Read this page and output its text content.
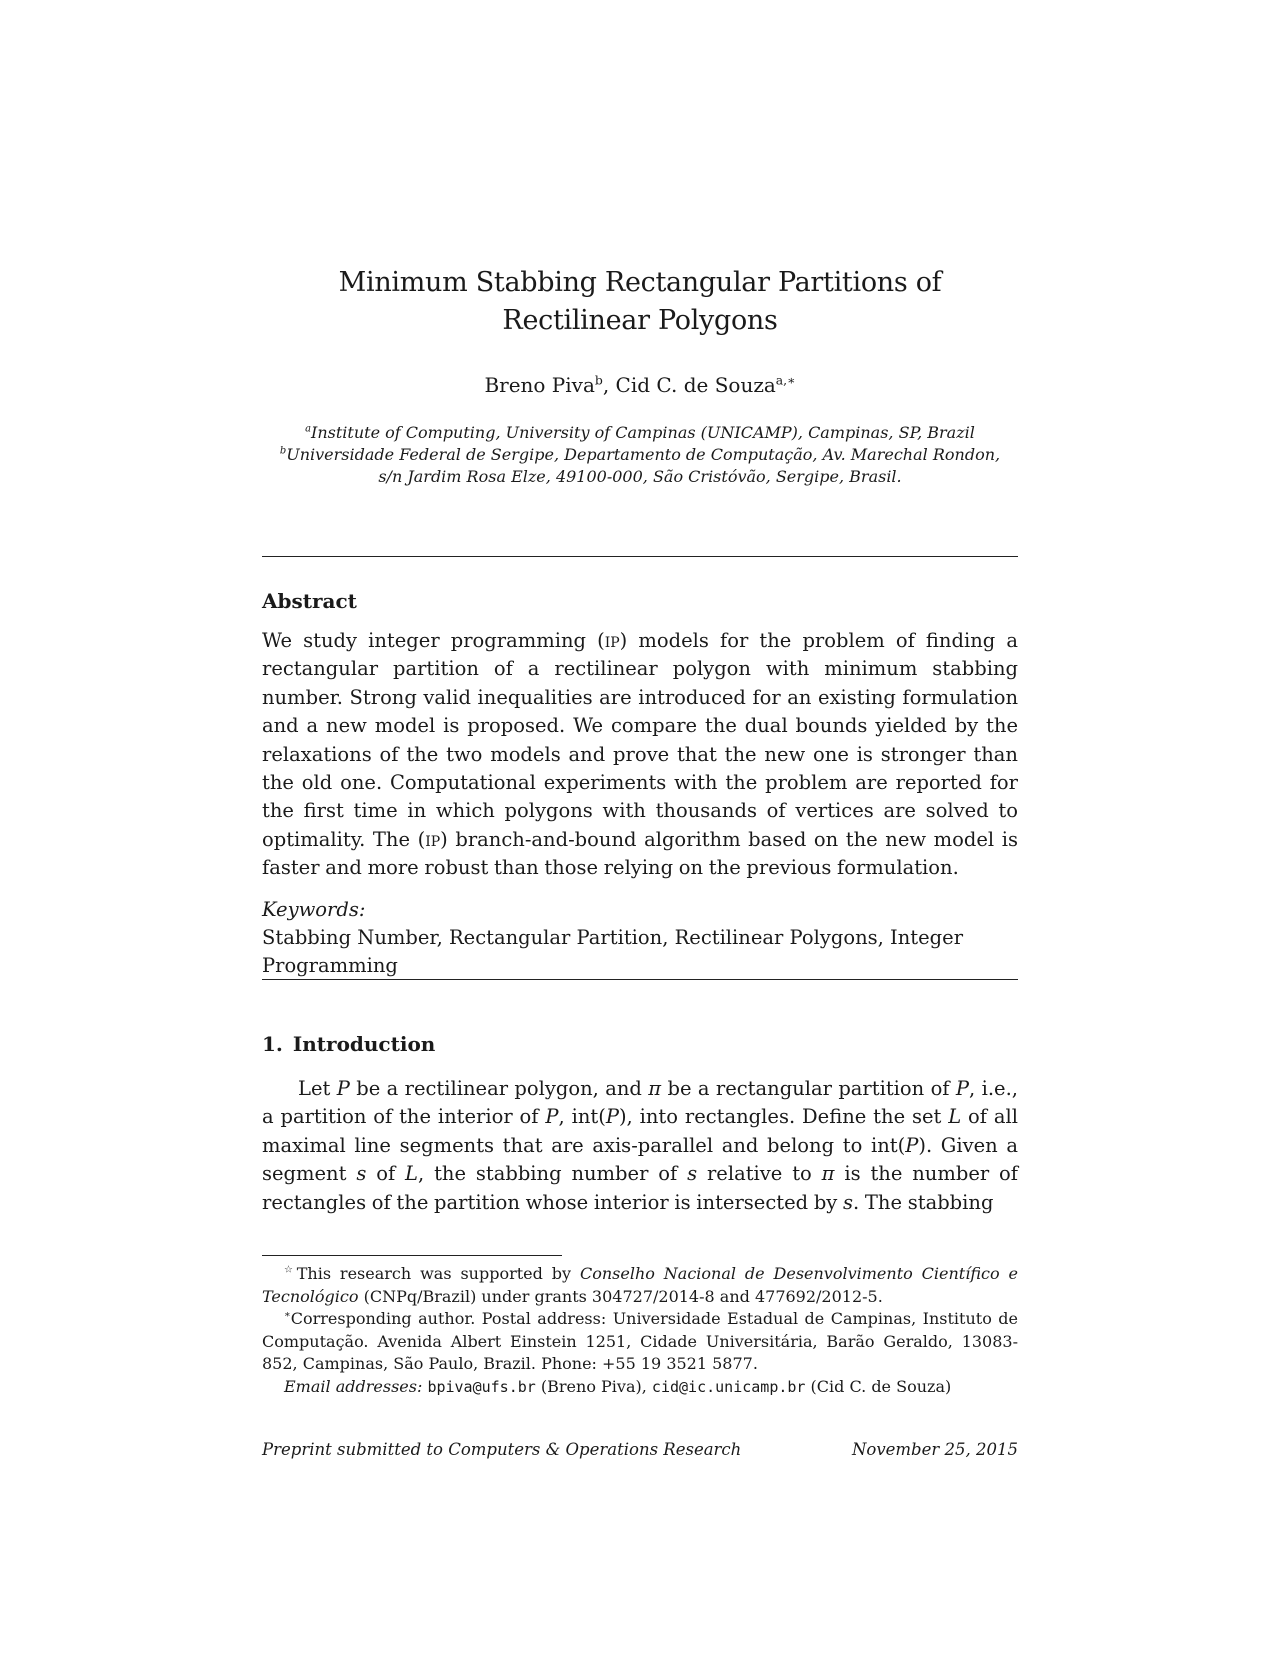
Minimum Stabbing Rectangular Partitions of
Rectilinear Polygons
Breno Piva$^b$, Cid C. de Souza$^{a,∗}$
$^a$Institute of Computing, University of Campinas (UNICAMP), Campinas, SP, Brazil
$^b$Universidade Federal de Sergipe, Departamento de Computação, Av. Marechal Rondon,
s/n Jardim Rosa Elze, 49100-000, São Cristóvão, Sergipe, Brasil.
Abstract
We study integer programming (ip) models for the problem of finding a rectangular partition of a rectilinear polygon with minimum stabbing number. Strong valid inequalities are introduced for an existing formulation and a new model is proposed. We compare the dual bounds yielded by the relaxations of the two models and prove that the new one is stronger than the old one. Computational experiments with the problem are reported for the first time in which polygons with thousands of vertices are solved to optimality. The (ip) branch-and-bound algorithm based on the new model is faster and more robust than those relying on the previous formulation.
Keywords:
Stabbing Number, Rectangular Partition, Rectilinear Polygons, Integer Programming
1. Introduction
Let P be a rectilinear polygon, and π be a rectangular partition of P, i.e., a partition of the interior of P, int(P), into rectangles. Define the set L of all maximal line segments that are axis-parallel and belong to int(P). Given a segment s of L, the stabbing number of s relative to π is the number of rectangles of the partition whose interior is intersected by s. The stabbing

☆This research was supported by Conselho Nacional de Desenvolvimento Científico e Tecnológico (CNPq/Brazil) under grants 304727/2014-8 and 477692/2012-5.

∗Corresponding author. Postal address: Universidade Estadual de Campinas, Instituto de Computação. Avenida Albert Einstein 1251, Cidade Universitária, Barão Geraldo, 13083-852, Campinas, São Paulo, Brazil. Phone: +55 19 3521 5877.

Email addresses: bpiva@ufs.br (Breno Piva), cid@ic.unicamp.br (Cid C. de Souza)

Preprint submitted to Computers & Operations Research	November 25, 2015
